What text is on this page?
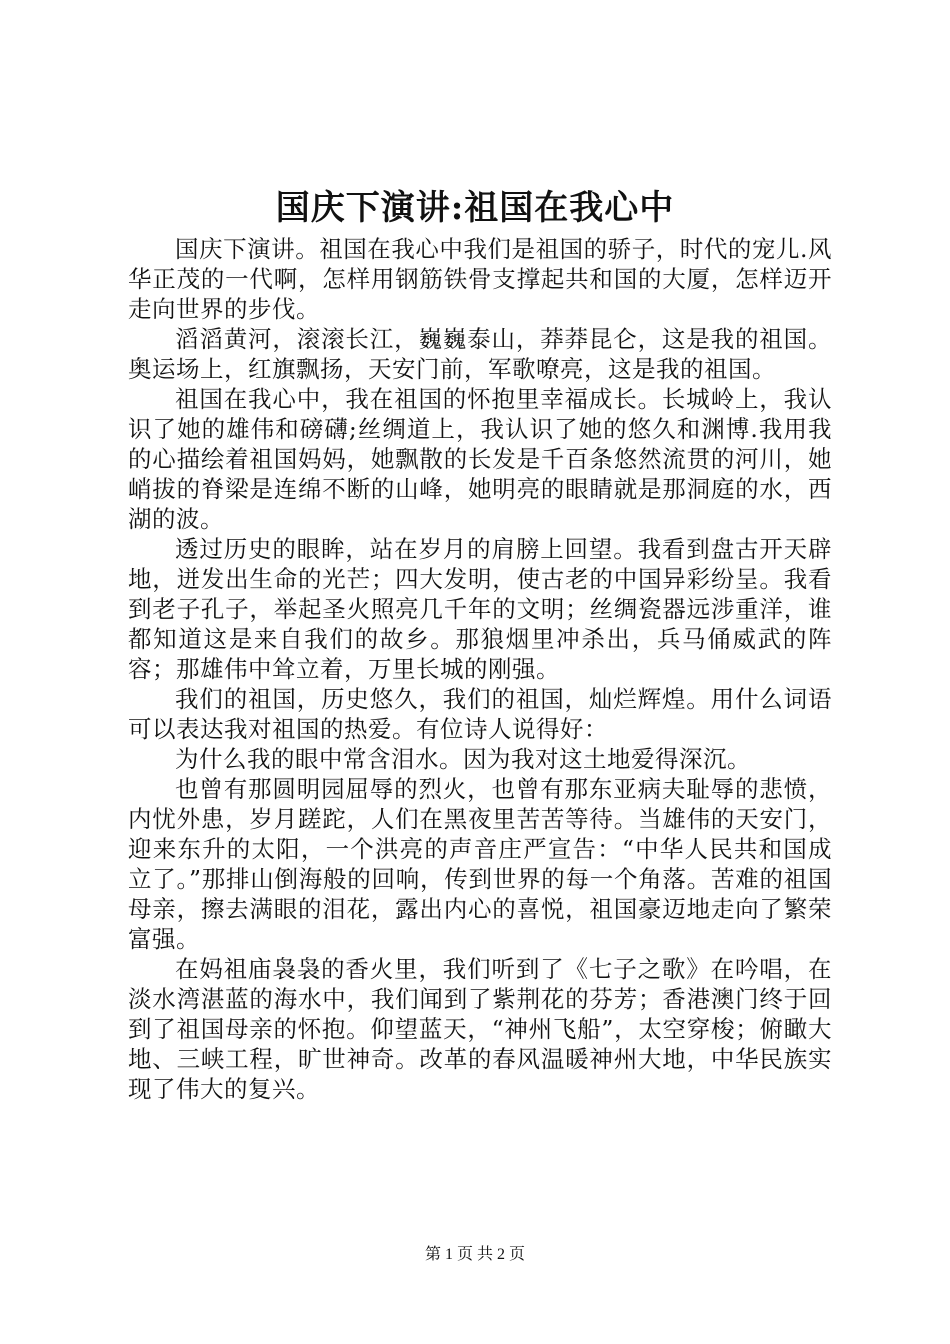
国庆下演讲:祖国在我心中

国庆下演讲。祖国在我心中我们是祖国的骄子，时代的宠儿.风华正茂的一代啊，怎样用钢筋铁骨支撑起共和国的大厦，怎样迈开走向世界的步伐。

滔滔黄河，滚滚长江，巍巍泰山，莽莽昆仑，这是我的祖国。奥运场上，红旗飘扬，天安门前，军歌嘹亮，这是我的祖国。

祖国在我心中，我在祖国的怀抱里幸福成长。长城岭上，我认识了她的雄伟和磅礴;丝绸道上，我认识了她的悠久和渊博.我用我的心描绘着祖国妈妈，她飘散的长发是千百条悠然流贯的河川，她峭拔的脊梁是连绵不断的山峰，她明亮的眼睛就是那洞庭的水，西湖的波。

透过历史的眼眸，站在岁月的肩膀上回望。我看到盘古开天辟地，迸发出生命的光芒；四大发明，使古老的中国异彩纷呈。我看到老子孔子，举起圣火照亮几千年的文明；丝绸瓷器远涉重洋，谁都知道这是来自我们的故乡。那狼烟里冲杀出，兵马俑威武的阵容；那雄伟中耸立着，万里长城的刚强。

我们的祖国，历史悠久，我们的祖国，灿烂辉煌。用什么词语可以表达我对祖国的热爱。有位诗人说得好：

为什么我的眼中常含泪水。因为我对这土地爱得深沉。

也曾有那圆明园屈辱的烈火，也曾有那东亚病夫耻辱的悲愤，内忧外患，岁月蹉跎，人们在黑夜里苦苦等待。当雄伟的天安门，迎来东升的太阳，一个洪亮的声音庄严宣告：“中华人民共和国成立了。”那排山倒海般的回响，传到世界的每一个角落。苦难的祖国母亲，擦去满眼的泪花，露出内心的喜悦，祖国豪迈地走向了繁荣富强。

在妈祖庙袅袅的香火里，我们听到了《七子之歌》在吟唱，在淡水湾湛蓝的海水中，我们闻到了紫荆花的芬芳；香港澳门终于回到了祖国母亲的怀抱。仰望蓝天，“神州飞船”，太空穿梭；俯瞰大地、三峡工程，旷世神奇。改革的春风温暖神州大地，中华民族实现了伟大的复兴。

第 1 页 共 2 页
